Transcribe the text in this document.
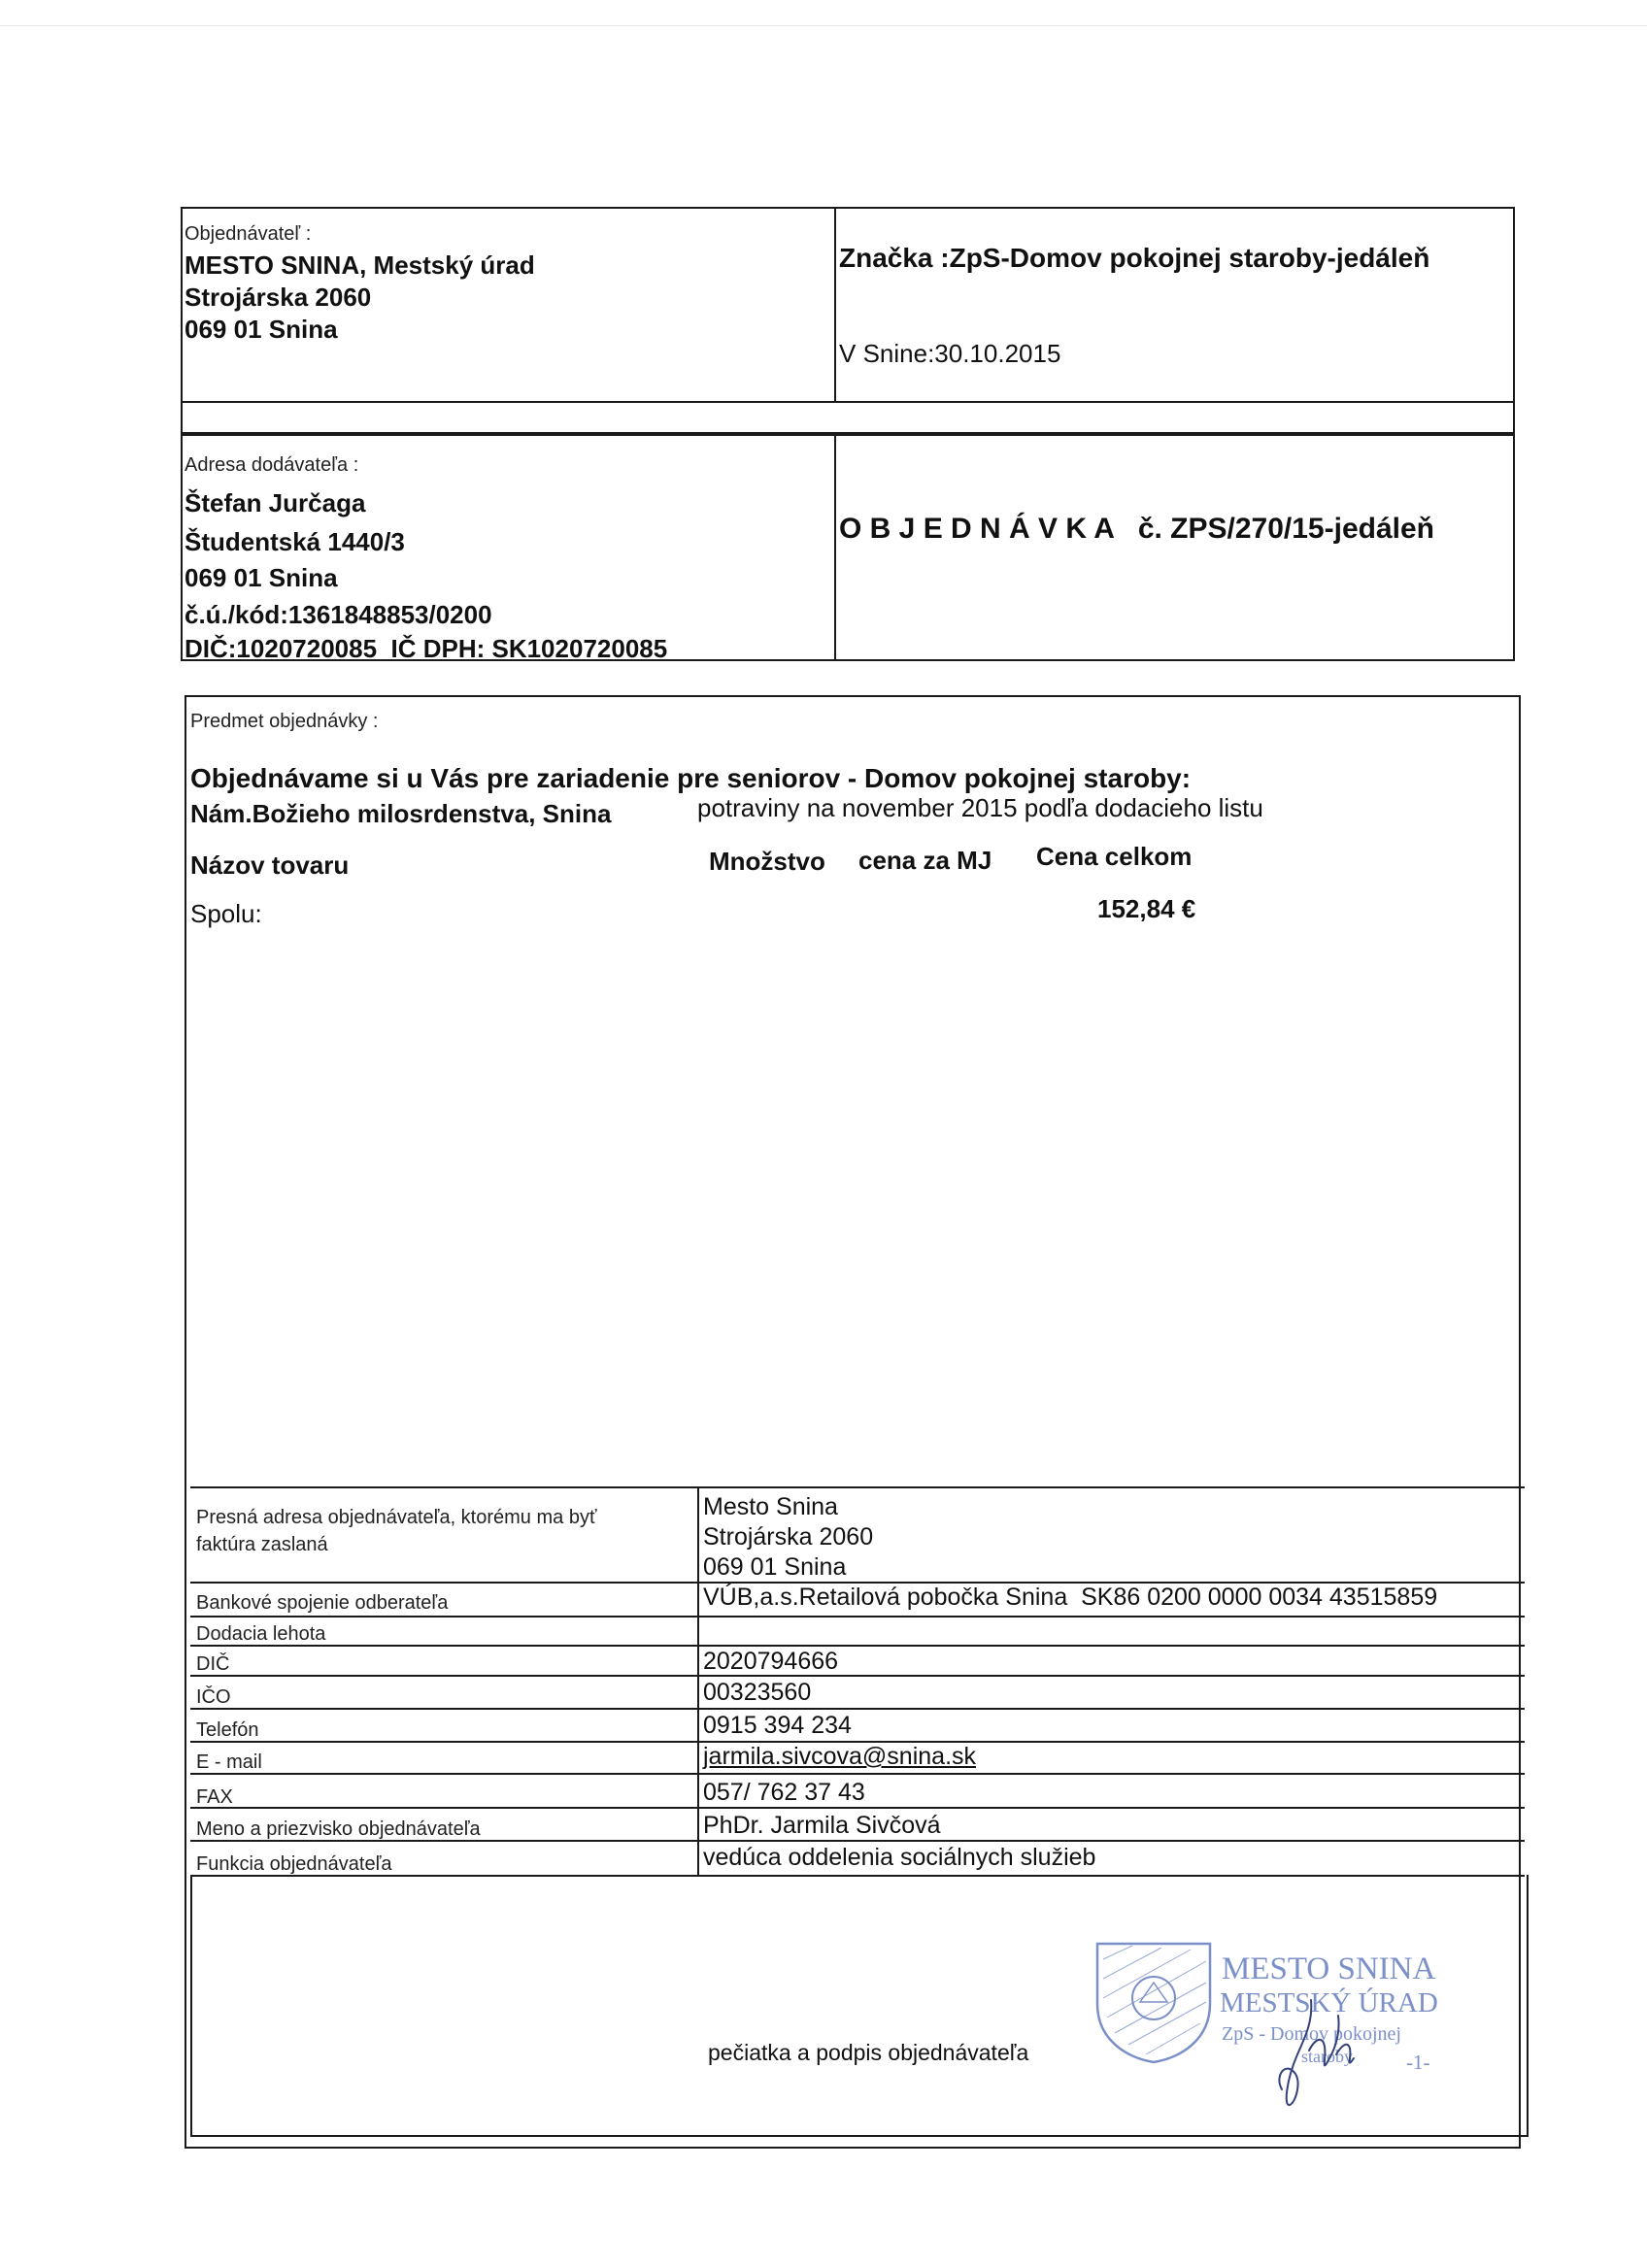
Objednávateľ :
MESTO SNINA, Mestský úrad
Strojárska 2060
069 01 Snina
Značka :ZpS-Domov pokojnej staroby-jedáleň
V Snine:30.10.2015
Adresa dodávateľa :
Štefan Jurčaga
Študentská 1440/3
069 01 Snina
č.ú./kód:1361848853/0200
DIČ:1020720085  IČ DPH: SK1020720085
O B J E D N Á V K A   č. ZPS/270/15-jedáleň
Predmet objednávky :
Objednávame si u Vás pre zariadenie pre seniorov - Domov pokojnej staroby:
Nám.Božieho milosrdenstva, Snina	potraviny na november 2015 podľa dodacieho listu
Názov tovaru	Množstvo cena za MJ Cena celkom
Spolu:	152,84 €
Presná adresa objednávateľa, ktorému ma byť
faktúra zaslaná
Mesto Snina
Strojárska 2060
069 01 Snina
Bankové spojenie odberateľa	VÚB,a.s.Retailová pobočka Snina  SK86 0200 0000 0034 43515859
Dodacia lehota
DIČ	2020794666
IČO	00323560
Telefón	0915 394 234
E - mail	jarmila.sivcova@snina.sk
FAX	057/ 762 37 43
Meno a priezvisko objednávateľa	PhDr. Jarmila Sivčová
Funkcia objednávateľa	vedúca oddelenia sociálnych služieb
pečiatka a podpis objednávateľa
MESTO SNINA
MESTSKÝ ÚRAD
ZpS - Domov pokojnej
staroby	-1-
